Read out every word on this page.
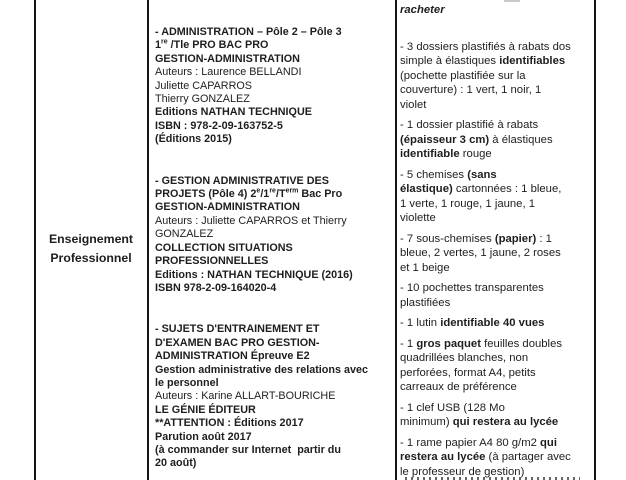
Enseignement Professionnel
- ADMINISTRATION – Pôle 2 – Pôle 3
1re /Tle PRO BAC PRO
GESTION-ADMINISTRATION
Auteurs : Laurence BELLANDI
Juliette CAPARROS
Thierry GONZALEZ
Editions NATHAN TECHNIQUE
ISBN : 978-2-09-163752-5
(Éditions 2015)
- GESTION ADMINISTRATIVE DES
PROJETS (Pôle 4) $2e/1re/T^{erm}$ Bac Pro
GESTION-ADMINISTRATION
Auteurs : Juliette CAPARROS et Thierry
GONZALEZ
COLLECTION SITUATIONS
PROFESSIONNELLES
Editions : NATHAN TECHNIQUE (2016)
ISBN 978-2-09-164020-4
- SUJETS D'ENTRAINEMENT ET
D'EXAMEN BAC PRO GESTION-
ADMINISTRATION Épreuve E2
Gestion administrative des relations avec
le personnel
Auteurs : Karine ALLART-BOURICHE
LE GÉNIE ÉDITEUR
**ATTENTION : Éditions 2017
Parution août 2017
(à commander sur Internet  partir du
20 août)
racheter
- 3 dossiers plastifiés à rabats dos
simple à élastiques identifiables
(pochette plastifiée sur la
couverture) : 1 vert, 1 noir, 1
violet
- 1 dossier plastifié à rabats
(épaisseur 3 cm) à élastiques
identifiable rouge
- 5 chemises (sans
élastique) cartonnées : 1 bleue,
1 verte, 1 rouge, 1 jaune, 1
violette
- 7 sous-chemises (papier) : 1
bleue, 2 vertes, 1 jaune, 2 roses
et 1 beige
- 10 pochettes transparentes
plastifiées
- 1 lutin identifiable 40 vues
- 1 gros paquet feuilles doubles
quadrillées blanches, non
perforées, format A4, petits
carreaux de préférence
- 1 clef USB (128 Mo
minimum) qui restera au lycée
- 1 rame papier A4 80 g/m2 qui
restera au lycée (à partager avec
le professeur de gestion)
